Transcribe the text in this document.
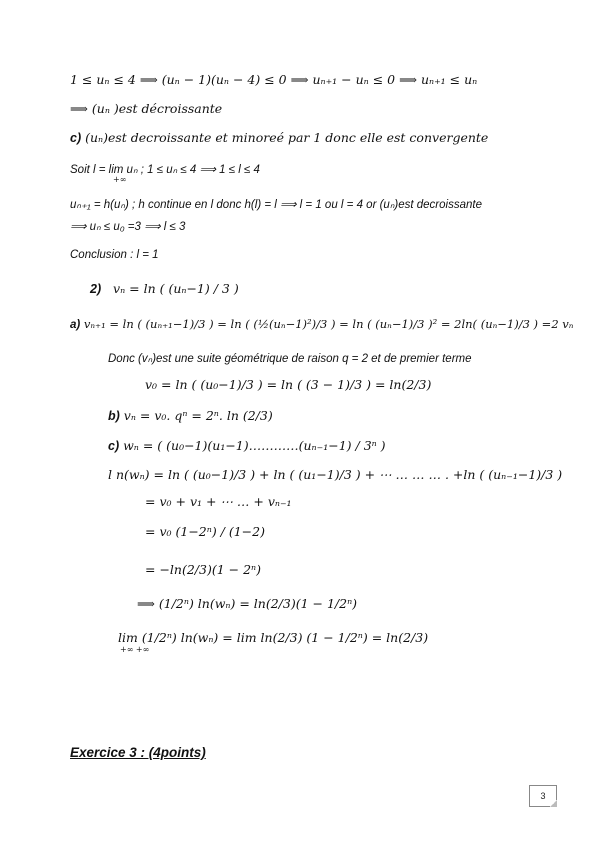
1 ≤ uₙ ≤ 4 ⟹ (uₙ − 1)(uₙ − 4) ≤ 0 ⟹ uₙ₊₁ − uₙ ≤ 0 ⟹ uₙ₊₁ ≤ uₙ
⟹ (uₙ )est décroissante
c) (uₙ)est decroissante et minoreé par 1 donc elle est convergente
Soit l = lim uₙ ; 1 ≤ uₙ ≤ 4 ⟹ 1 ≤ l ≤ 4
+∞
uₙ₊₁ = h(uₙ) ; h continue en l donc h(l) = l ⟹ l = 1 ou l = 4 or (uₙ)est decroissante
⟹ uₙ ≤ u₀ =3 ⟹ l ≤ 3
Conclusion : l = 1
2) vₙ = ln ( (uₙ−1) / 3 )
a) vₙ₊₁ = ln ( (uₙ₊₁−1)/3 ) = ln ( (½(uₙ−1)²)/3 ) = ln ( (uₙ−1)/3 )² = 2ln( (uₙ−1)/3 ) =2 vₙ
Donc (vₙ)est une suite géométrique de raison q = 2 et de premier terme
v₀ = ln ( (u₀−1)/3 ) = ln ( (3 − 1)/3 ) = ln(2/3)
b) vₙ = v₀. qⁿ = 2ⁿ. ln (2/3)
c) wₙ = ( (u₀−1)(u₁−1)…………(uₙ₋₁−1) / 3ⁿ )
l n(wₙ) = ln ( (u₀−1)/3 ) + ln ( (u₁−1)/3 ) + ⋯ … … … . +ln ( (uₙ₋₁−1)/3 )
= v₀ + v₁ + ⋯ … + vₙ₋₁
= v₀ (1−2ⁿ) / (1−2)
= −ln(2/3)(1 − 2ⁿ)
⟹ (1/2ⁿ) ln(wₙ) = ln(2/3)(1 − 1/2ⁿ)
lim (1/2ⁿ) ln(wₙ) = lim ln(2/3) (1 − 1/2ⁿ) = ln(2/3)
+∞ +∞
Exercice 3 : (4points)
3
